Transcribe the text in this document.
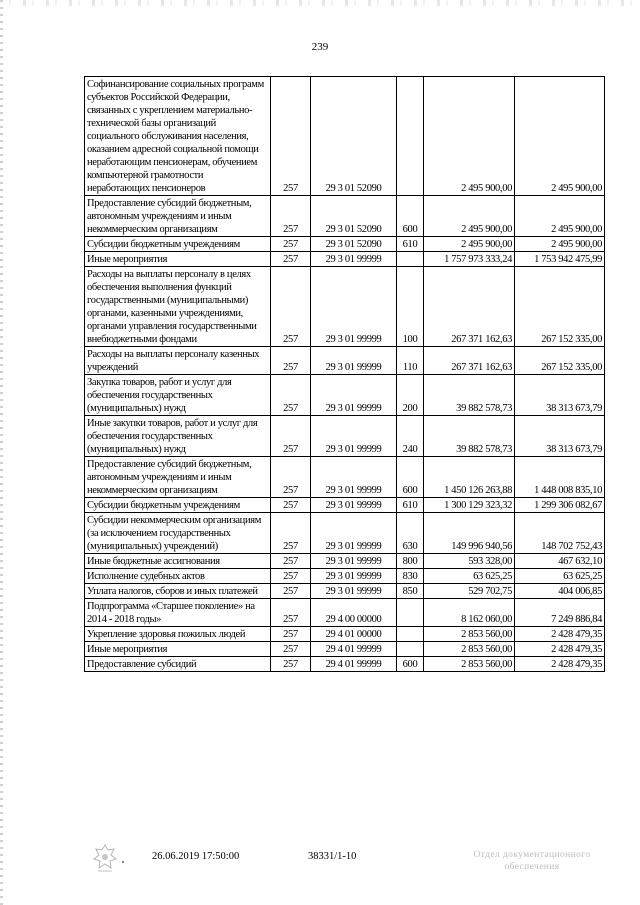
239
Софинансирование социальных программ субъектов Российской Федерации, связанных с укреплением материально-технической базы организаций социального обслуживания населения, оказанием адресной социальной помощи неработающим пенсионерам, обучением компьютерной грамотности неработающих пенсионеров	257	29 3 01 52090		2 495 900,00	2 495 900,00
Предоставление субсидий бюджетным, автономным учреждениям и иным некоммерческим организациям	257	29 3 01 52090	600	2 495 900,00	2 495 900,00
Субсидии бюджетным учреждениям	257	29 3 01 52090	610	2 495 900,00	2 495 900,00
Иные мероприятия	257	29 3 01 99999		1 757 973 333,24	1 753 942 475,99
Расходы на выплаты персоналу в целях обеспечения выполнения функций государственными (муниципальными) органами, казенными учреждениями, органами управления государственными внебюджетными фондами	257	29 3 01 99999	100	267 371 162,63	267 152 335,00
Расходы на выплаты персоналу казенных учреждений	257	29 3 01 99999	110	267 371 162,63	267 152 335,00
Закупка товаров, работ и услуг для обеспечения государственных (муниципальных) нужд	257	29 3 01 99999	200	39 882 578,73	38 313 673,79
Иные закупки товаров, работ и услуг для обеспечения государственных (муниципальных) нужд	257	29 3 01 99999	240	39 882 578,73	38 313 673,79
Предоставление субсидий бюджетным, автономным учреждениям и иным некоммерческим организациям	257	29 3 01 99999	600	1 450 126 263,88	1 448 008 835,10
Субсидии бюджетным учреждениям	257	29 3 01 99999	610	1 300 129 323,32	1 299 306 082,67
Субсидии некоммерческим организациям (за исключением государственных (муниципальных) учреждений)	257	29 3 01 99999	630	149 996 940,56	148 702 752,43
Иные бюджетные ассигнования	257	29 3 01 99999	800	593 328,00	467 632,10
Исполнение судебных актов	257	29 3 01 99999	830	63 625,25	63 625,25
Уплата налогов, сборов и иных платежей	257	29 3 01 99999	850	529 702,75	404 006,85
Подпрограмма «Старшее поколение» на 2014 - 2018 годы»	257	29 4 00 00000		8 162 060,00	7 249 886,84
Укрепление здоровья пожилых людей	257	29 4 01 00000		2 853 560,00	2 428 479,35
Иные мероприятия	257	29 4 01 99999		2 853 560,00	2 428 479,35
Предоставление субсидий	257	29 4 01 99999	600	2 853 560,00	2 428 479,35
26.06.2019 17:50:00	38331/1-10	Отдел документационного
обеспечения
